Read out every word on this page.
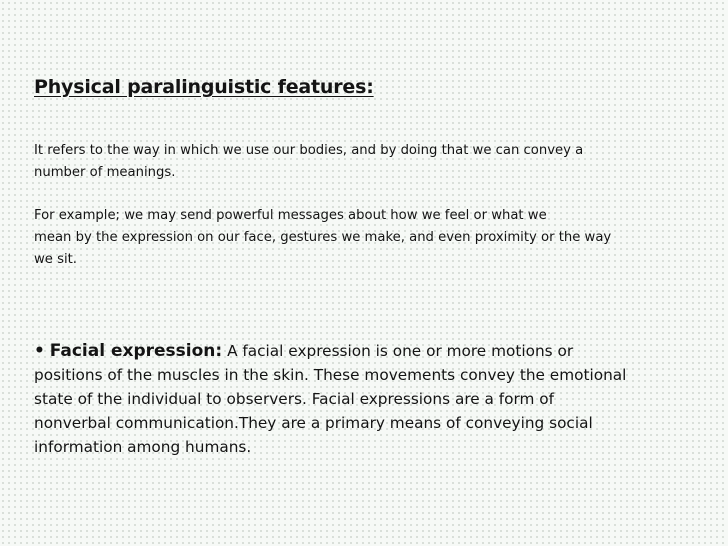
Physical paralinguistic features:
It refers to the way in which we use our bodies, and by doing that we can convey a
number of meanings.
For example; we may send powerful messages about how we feel or what we
mean by the expression on our face, gestures we make, and even proximity or the way
we sit.
• Facial expression: A facial expression is one or more motions or
positions of the muscles in the skin. These movements convey the emotional
state of the individual to observers. Facial expressions are a form of
nonverbal communication.They are a primary means of conveying social
information among humans.
